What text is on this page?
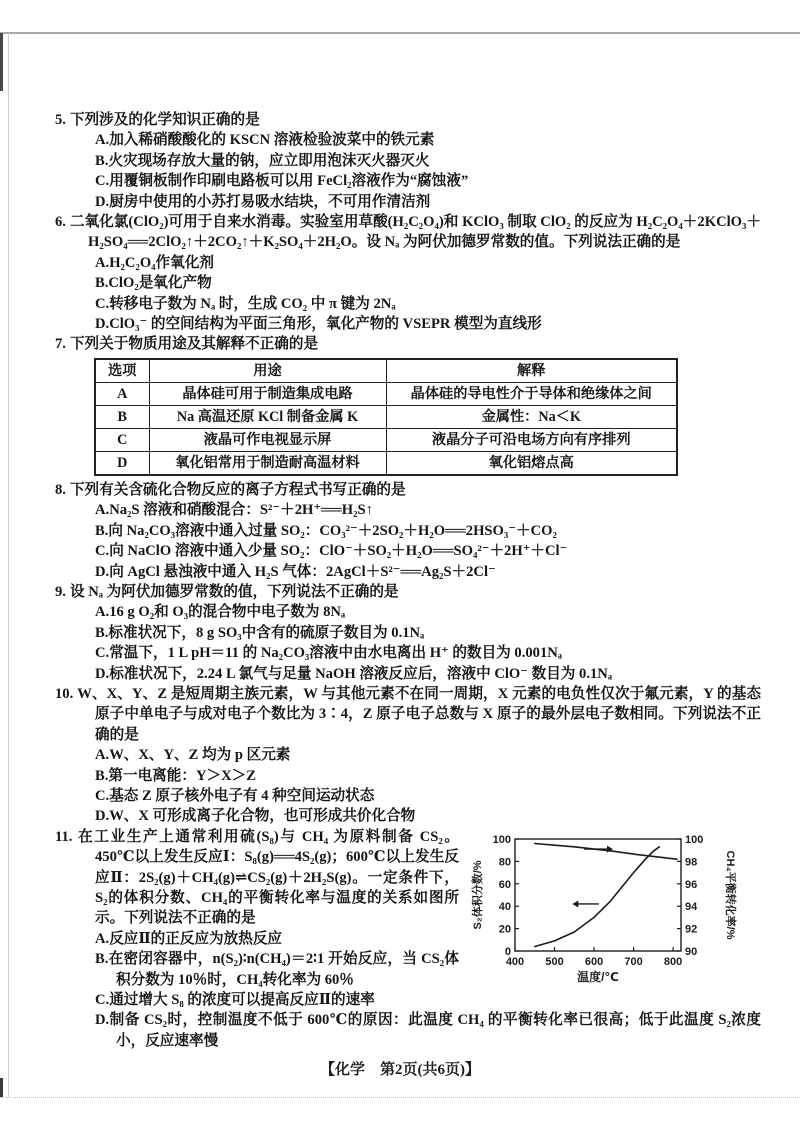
5. 下列涉及的化学知识正确的是

A.加入稀硝酸酸化的 KSCN 溶液检验波菜中的铁元素
B.火灾现场存放大量的钠，应立即用泡沫灭火器灭火
C.用覆铜板制作印刷电路板可以用 FeCl₂溶液作为“腐蚀液”
D.厨房中使用的小苏打易吸水结块，不可用作清洁剂

6. 二氧化氯(ClO₂)可用于自来水消毒。实验室用草酸(H₂C₂O₄)和 KClO₃ 制取 ClO₂ 的反应为 H₂C₂O₄＋2KClO₃＋H₂SO₄══2ClO₂↑＋2CO₂↑＋K₂SO₄＋2H₂O。设 Nₐ 为阿伏加德罗常数的值。下列说法正确的是

A.H₂C₂O₄作氧化剂
B.ClO₂是氧化产物
C.转移电子数为 Nₐ 时，生成 CO₂ 中 π 键为 2Nₐ
D.ClO₃⁻ 的空间结构为平面三角形，氧化产物的 VSEPR 模型为直线形

7. 下列关于物质用途及其解释不正确的是

选项	用途	解释
A	晶体硅可用于制造集成电路	晶体硅的导电性介于导体和绝缘体之间
B	Na 高温还原 KCl 制备金属 K	金属性：Na＜K
C	液晶可作电视显示屏	液晶分子可沿电场方向有序排列
D	氧化铝常用于制造耐高温材料	氧化铝熔点高

8. 下列有关含硫化合物反应的离子方程式书写正确的是

A.Na₂S 溶液和硝酸混合：S²⁻＋2H⁺══H₂S↑
B.向 Na₂CO₃溶液中通入过量 SO₂：CO₃²⁻＋2SO₂＋H₂O══2HSO₃⁻＋CO₂
C.向 NaClO 溶液中通入少量 SO₂：ClO⁻＋SO₂＋H₂O══SO₄²⁻＋2H⁺＋Cl⁻
D.向 AgCl 悬浊液中通入 H₂S 气体：2AgCl＋S²⁻══Ag₂S＋2Cl⁻

9. 设 Nₐ 为阿伏加德罗常数的值，下列说法不正确的是

A.16 g O₂和 O₃的混合物中电子数为 8Nₐ
B.标准状况下，8 g SO₃中含有的硫原子数目为 0.1Nₐ
C.常温下，1 L pH＝11 的 Na₂CO₃溶液中由水电离出 H⁺ 的数目为 0.001Nₐ
D.标准状况下，2.24 L 氯气与足量 NaOH 溶液反应后，溶液中 ClO⁻ 数目为 0.1Nₐ

10. W、X、Y、Z 是短周期主族元素，W 与其他元素不在同一周期，X 元素的电负性仅次于氟元素，Y 的基态原子中单电子与成对电子个数比为 3∶4，Z 原子电子总数与 X 原子的最外层电子数相同。下列说法不正确的是

A.W、X、Y、Z 均为 p 区元素
B.第一电离能：Y＞X＞Z
C.基态 Z 原子核外电子有 4 种空间运动状态
D.W、X 可形成离子化合物，也可形成共价化合物
0
20
40
60
80
100
90
92
94
96
98
100
400 500 600 700 800
温度/℃
S₂体积分数/%	CH₄平衡转化率/%

11. 在工业生产上通常利用硫(S₈)与 CH₄ 为原料制备 CS₂。450℃以上发生反应Ⅰ：S₈(g)══4S₂(g)；600℃以上发生反应Ⅱ：2S₂(g)＋CH₄(g)⇌CS₂(g)＋2H₂S(g)。一定条件下，S₂的体积分数、CH₄的平衡转化率与温度的关系如图所示。下列说法不正确的是

A.反应Ⅱ的正反应为放热反应
B.在密闭容器中，n(S₂)∶n(CH₄)＝2∶1 开始反应，当 CS₂体积分数为 10％时，CH₄转化率为 60％
C.通过增大 S₈ 的浓度可以提高反应Ⅱ的速率
D.制备 CS₂时，控制温度不低于 600℃的原因：此温度 CH₄ 的平衡转化率已很高；低于此温度 S₂浓度小，反应速率慢
【化学　第2页(共6页)】
